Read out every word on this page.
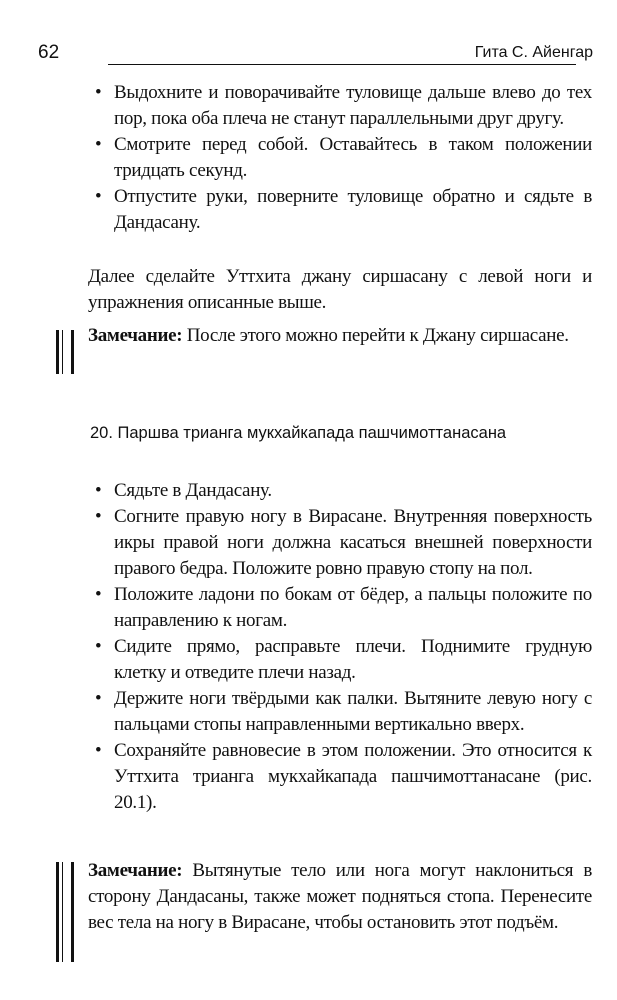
62	Гита С. Айенгар
• Выдохните и поворачивайте туловище дальше влево до тех пор, пока оба плеча не станут параллельными друг другу.
• Смотрите перед собой. Оставайтесь в таком положении тридцать секунд.
• Отпустите руки, поверните туловище обратно и сядьте в Дандасану.
Далее сделайте Уттхита джану сиршасану с левой ноги и упражнения описанные выше.
Замечание: После этого можно перейти к Джану сиршасане.
20. Паршва трианга мукхайкапада пашчимоттанасана
• Сядьте в Дандасану.
• Согните правую ногу в Вирасане. Внутренняя поверхность икры правой ноги должна касаться внешней поверхности правого бедра. Положите ровно правую стопу на пол.
• Положите ладони по бокам от бёдер, а пальцы положите по направлению к ногам.
• Сидите прямо, расправьте плечи. Поднимите грудную клетку и отведите плечи назад.
• Держите ноги твёрдыми как палки. Вытяните левую ногу с пальцами стопы направленными вертикально вверх.
• Сохраняйте равновесие в этом положении. Это относится к Уттхита трианга мукхайкапада пашчимоттанасане (рис. 20.1).
Замечание: Вытянутые тело или нога могут наклониться в сторону Дандасаны, также может подняться стопа. Перенесите вес тела на ногу в Вирасане, чтобы остановить этот подъём.
